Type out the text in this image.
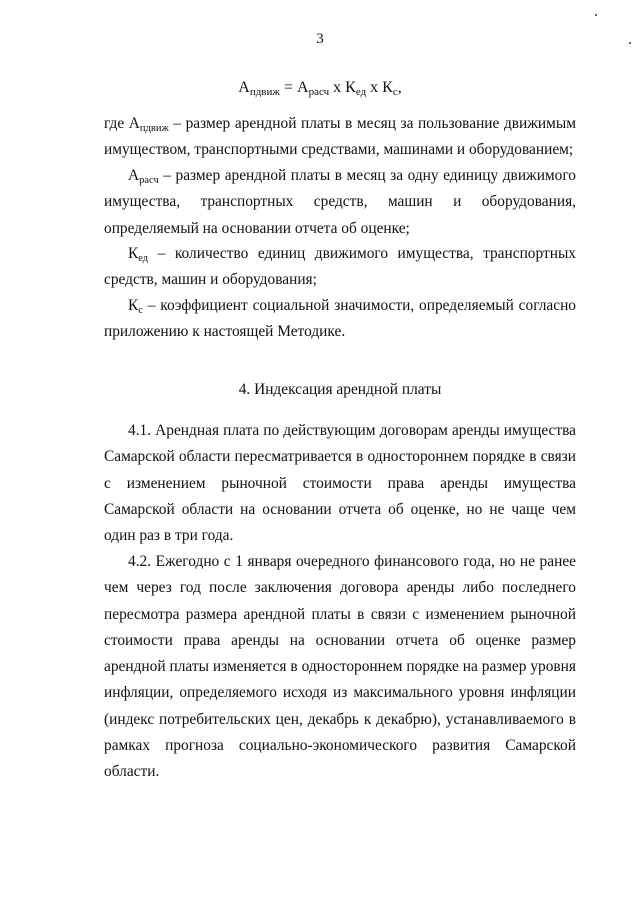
3
$А_{пдвиж} = А_{расч}$ х $К_{ед}$ х $К_с$,

где $А_{пдвиж}$ – размер арендной платы в месяц за пользование движимым имуществом, транспортными средствами, машинами и оборудованием;

$А_{расч}$ – размер арендной платы в месяц за одну единицу движимого имущества, транспортных средств, машин и оборудования, определяемый на основании отчета об оценке;

$К_{ед}$ – количество единиц движимого имущества, транспортных средств, машин и оборудования;

$К_с$ – коэффициент социальной значимости, определяемый согласно приложению к настоящей Методике.

4. Индексация арендной платы

4.1. Арендная плата по действующим договорам аренды имущества Самарской области пересматривается в одностороннем порядке в связи с изменением рыночной стоимости права аренды имущества Самарской области на основании отчета об оценке, но не чаще чем один раз в три года.

4.2. Ежегодно с 1 января очередного финансового года, но не ранее чем через год после заключения договора аренды либо последнего пересмотра размера арендной платы в связи с изменением рыночной стоимости права аренды на основании отчета об оценке размер арендной платы изменяется в одностороннем порядке на размер уровня инфляции, определяемого исходя из максимального уровня инфляции (индекс потребительских цен, декабрь к декабрю), устанавливаемого в рамках прогноза социально-экономического развития Самарской области.
